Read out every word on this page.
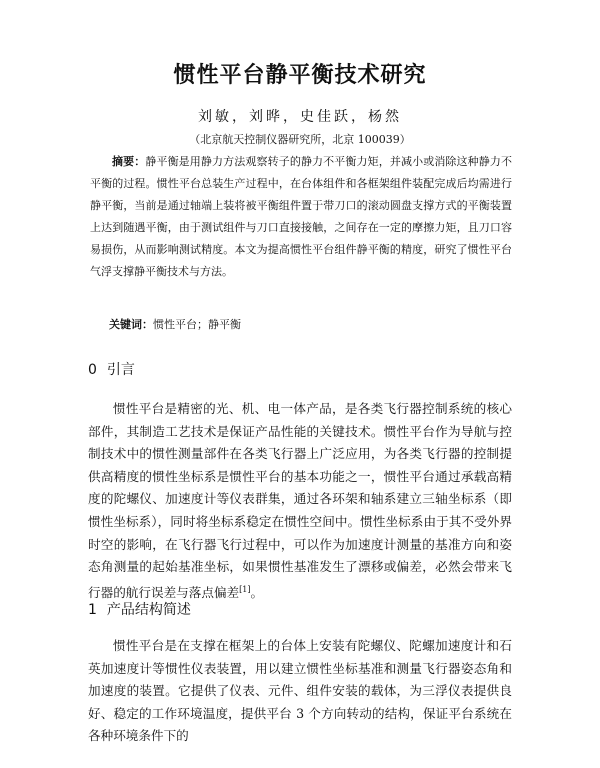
惯性平台静平衡技术研究

刘敏，刘晔，史佳跃，杨然

（北京航天控制仪器研究所，北京 100039）

摘要：静平衡是用静力方法观察转子的静力不平衡力矩，并减小或消除这种静力不平衡的过程。惯性平台总装生产过程中，在台体组件和各框架组件装配完成后均需进行静平衡，当前是通过轴端上装将被平衡组件置于带刀口的滚动圆盘支撑方式的平衡装置上达到随遇平衡，由于测试组件与刀口直接接触，之间存在一定的摩擦力矩，且刀口容易损伤，从而影响测试精度。本文为提高惯性平台组件静平衡的精度，研究了惯性平台气浮支撑静平衡技术与方法。

关键词：惯性平台；静平衡

0 引言

惯性平台是精密的光、机、电一体产品，是各类飞行器控制系统的核心部件，其制造工艺技术是保证产品性能的关键技术。惯性平台作为导航与控制技术中的惯性测量部件在各类飞行器上广泛应用，为各类飞行器的控制提供高精度的惯性坐标系是惯性平台的基本功能之一，惯性平台通过承载高精度的陀螺仪、加速度计等仪表群集，通过各环架和轴系建立三轴坐标系（即惯性坐标系），同时将坐标系稳定在惯性空间中。惯性坐标系由于其不受外界时空的影响，在飞行器飞行过程中，可以作为加速度计测量的基准方向和姿态角测量的起始基准坐标，如果惯性基准发生了漂移或偏差，必然会带来飞行器的航行误差与落点偏差[1]。

1 产品结构简述

惯性平台是在支撑在框架上的台体上安装有陀螺仪、陀螺加速度计和石英加速度计等惯性仪表装置，用以建立惯性坐标基准和测量飞行器姿态角和加速度的装置。它提供了仪表、元件、组件安装的载体，为三浮仪表提供良好、稳定的工作环境温度，提供平台 3 个方向转动的结构，保证平台系统在各种环境条件下的
